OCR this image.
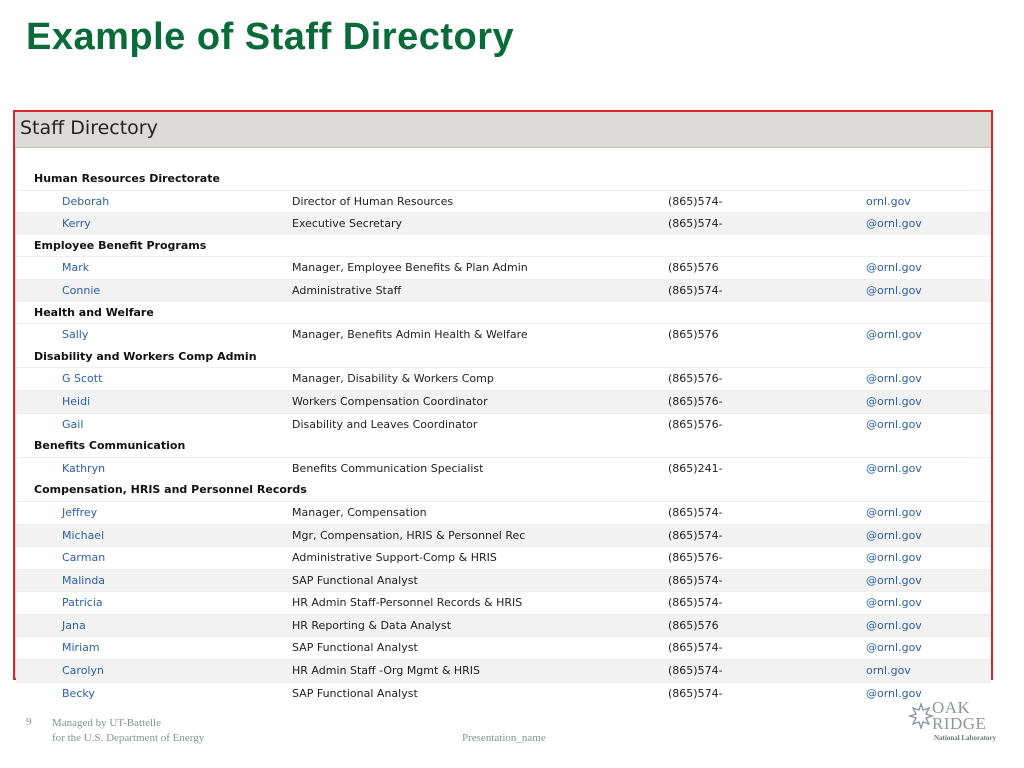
Example of Staff Directory
Staff Directory
Human Resources Directorate
Deborah	Director of Human Resources	(865)574-	ornl.gov
Kerry	Executive Secretary	(865)574-	@ornl.gov
Employee Benefit Programs
Mark	Manager, Employee Benefits & Plan Admin	(865)576	@ornl.gov
Connie	Administrative Staff	(865)574-	@ornl.gov
Health and Welfare
Sally	Manager, Benefits Admin Health & Welfare	(865)576	@ornl.gov
Disability and Workers Comp Admin
G Scott	Manager, Disability & Workers Comp	(865)576-	@ornl.gov
Heidi	Workers Compensation Coordinator	(865)576-	@ornl.gov
Gail	Disability and Leaves Coordinator	(865)576-	@ornl.gov
Benefits Communication
Kathryn	Benefits Communication Specialist	(865)241-	@ornl.gov
Compensation, HRIS and Personnel Records
Jeffrey	Manager, Compensation	(865)574-	@ornl.gov
Michael	Mgr, Compensation, HRIS & Personnel Rec	(865)574-	@ornl.gov
Carman	Administrative Support-Comp & HRIS	(865)576-	@ornl.gov
Malinda	SAP Functional Analyst	(865)574-	@ornl.gov
Patricia	HR Admin Staff-Personnel Records & HRIS	(865)574-	@ornl.gov
Jana	HR Reporting & Data Analyst	(865)576	@ornl.gov
Miriam	SAP Functional Analyst	(865)574-	@ornl.gov
Carolyn	HR Admin Staff -Org Mgmt & HRIS	(865)574-	ornl.gov
Becky	SAP Functional Analyst	(865)574-	@ornl.gov
9 Managed by UT-Battelle
for the U.S. Department of Energy	Presentation_name
OAK
RIDGE
National Laboratory
